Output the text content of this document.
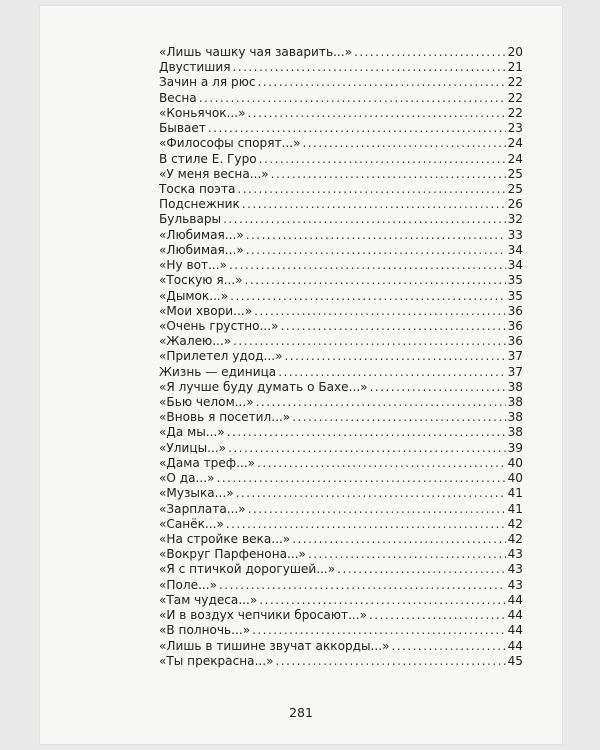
«Лишь чашку чая заварить...» . . .	20
Двустишия . . .	21
Зачин а ля рюс . . .	22
Весна . . .	22
«Коньячок...» . . .	22
Бывает . . .	23
«Философы спорят...» . . .	24
В стиле Е. Гуро . . .	24
«У меня весна...» . . .	25
Тоска поэта . . .	25
Подснежник . . .	26
Бульвары . . .	32
«Любимая...» . . .	33
«Любимая...» . . .	34
«Ну вот...» . . .	34
«Тоскую я...» . . .	35
«Дымок...» . . .	35
«Мои хвори...» . . .	36
«Очень грустно...» . . .	36
«Жалею...» . . .	36
«Прилетел удод...» . . .	37
Жизнь — единица . . .	37
«Я лучше буду думать о Бахе...» . . .	38
«Бью челом...» . . .	38
«Вновь я посетил...» . . .	38
«Да мы...» . . .	38
«Улицы...» . . .	39
«Дама треф...» . . .	40
«О да...» . . .	40
«Музыка...» . . .	41
«Зарплата...» . . .	41
«Санёк...» . . .	42
«На стройке века...» . . .	42
«Вокруг Парфенона...» . . .	43
«Я с птичкой дорогушей...» . . .	43
«Поле...» . . .	43
«Там чудеса...» . . .	44
«И в воздух чепчики бросают...» . . .	44
«В полночь...» . . .	44
«Лишь в тишине звучат аккорды...» . . .	44
«Ты прекрасна...» . . .	45
281
